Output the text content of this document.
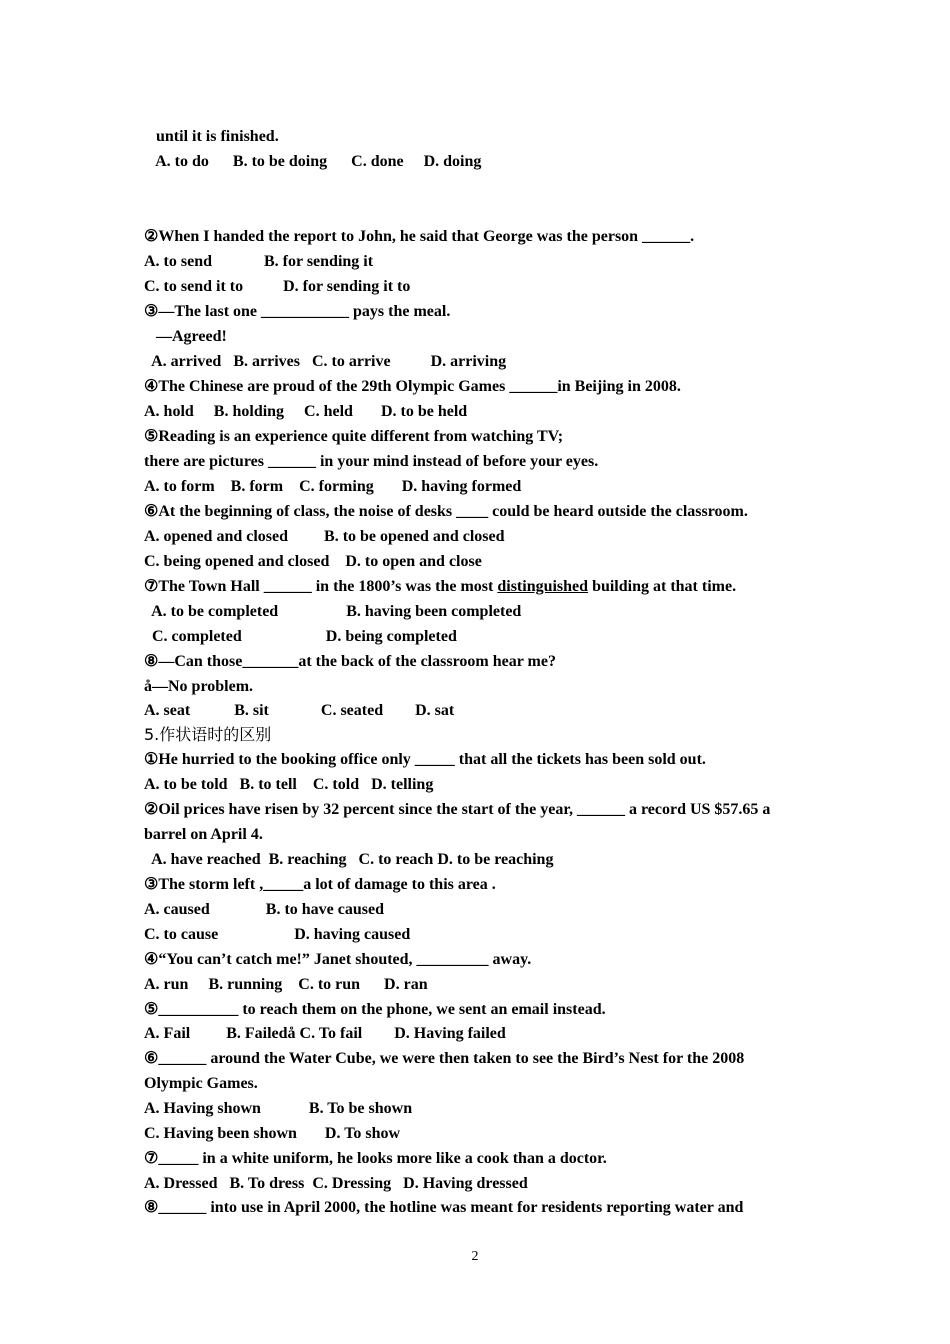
until it is finished.
A. to do      B. to be doing      C. done     D. doing
②When I handed the report to John, he said that George was the person ______.
A. to send             B. for sending it
C. to send it to          D. for sending it to
③—The last one ___________ pays the meal.
—Agreed!
A. arrived   B. arrives   C. to arrive          D. arriving
④The Chinese are proud of the 29th Olympic Games ______in Beijing in 2008.
A. hold     B. holding     C. held       D. to be held
⑤Reading is an experience quite different from watching TV;
there are pictures ______ in your mind instead of before your eyes.
A. to form    B. form    C. forming       D. having formed
⑥At the beginning of class, the noise of desks ____ could be heard outside the classroom.
A. opened and closed         B. to be opened and closed
C. being opened and closed    D. to open and close
⑦The Town Hall ______ in the 1800’s was the most distinguished building at that time.
A. to be completed                 B. having been completed
C. completed                     D. being completed
⑧—Can those_______at the back of the classroom hear me?
å—No problem.
A. seat           B. sit             C. seated        D. sat
5.作状语时的区别
①He hurried to the booking office only _____ that all the tickets has been sold out.
A. to be told   B. to tell    C. told   D. telling
②Oil prices have risen by 32 percent since the start of the year, ______ a record US $57.65 a
barrel on April 4.
A. have reached  B. reaching   C. to reach D. to be reaching
③The storm left ,_____a lot of damage to this area .
A. caused              B. to have caused
C. to cause                   D. having caused
④“You can’t catch me!” Janet shouted, _________ away.
A. run     B. running    C. to run      D. ran
⑤__________ to reach them on the phone, we sent an email instead.
A. Fail         B. Failedå C. To fail        D. Having failed
⑥______ around the Water Cube, we were then taken to see the Bird’s Nest for the 2008
Olympic Games.
A. Having shown            B. To be shown
C. Having been shown       D. To show
⑦_____ in a white uniform, he looks more like a cook than a doctor.
A. Dressed   B. To dress  C. Dressing   D. Having dressed
⑧______ into use in April 2000, the hotline was meant for residents reporting water and
2
